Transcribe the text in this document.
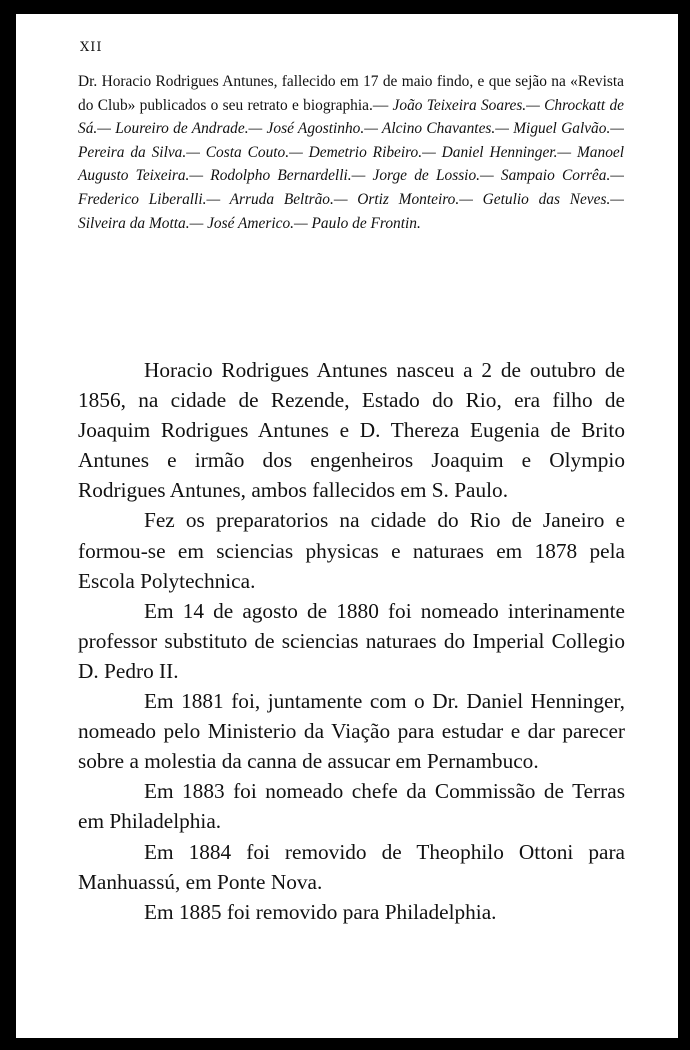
XII
Dr. Horacio Rodrigues Antunes, fallecido em 17 de maio findo, e que sejão na «Revista do Club» publicados o seu retrato e biographia.— João Teixeira Soares.— Chrockatt de Sá.— Loureiro de Andrade.— José Agostinho.— Alcino Chavantes.— Miguel Galvão.— Pereira da Silva.— Costa Couto.— Demetrio Ribeiro.— Daniel Henninger.— Manoel Augusto Teixeira.— Rodolpho Bernardelli.— Jorge de Lossio.— Sampaio Corrêa.— Frederico Liberalli.— Arruda Beltrão.— Ortiz Monteiro.— Getulio das Neves.— Silveira da Motta.— José Americo.— Paulo de Frontin.

Horacio Rodrigues Antunes nasceu a 2 de outubro de 1856, na cidade de Rezende, Estado do Rio, era filho de Joaquim Rodrigues Antunes e D. Thereza Eugenia de Brito Antunes e irmão dos engenheiros Joaquim e Olympio Rodrigues Antunes, ambos fallecidos em S. Paulo.

Fez os preparatorios na cidade do Rio de Janeiro e formou-se em sciencias physicas e naturaes em 1878 pela Escola Polytechnica.

Em 14 de agosto de 1880 foi nomeado interinamente professor substituto de sciencias naturaes do Imperial Collegio D. Pedro II.

Em 1881 foi, juntamente com o Dr. Daniel Henninger, nomeado pelo Ministerio da Viação para estudar e dar parecer sobre a molestia da canna de assucar em Pernambuco.

Em 1883 foi nomeado chefe da Commissão de Terras em Philadelphia.

Em 1884 foi removido de Theophilo Ottoni para Manhuassú, em Ponte Nova.

Em 1885 foi removido para Philadelphia.
